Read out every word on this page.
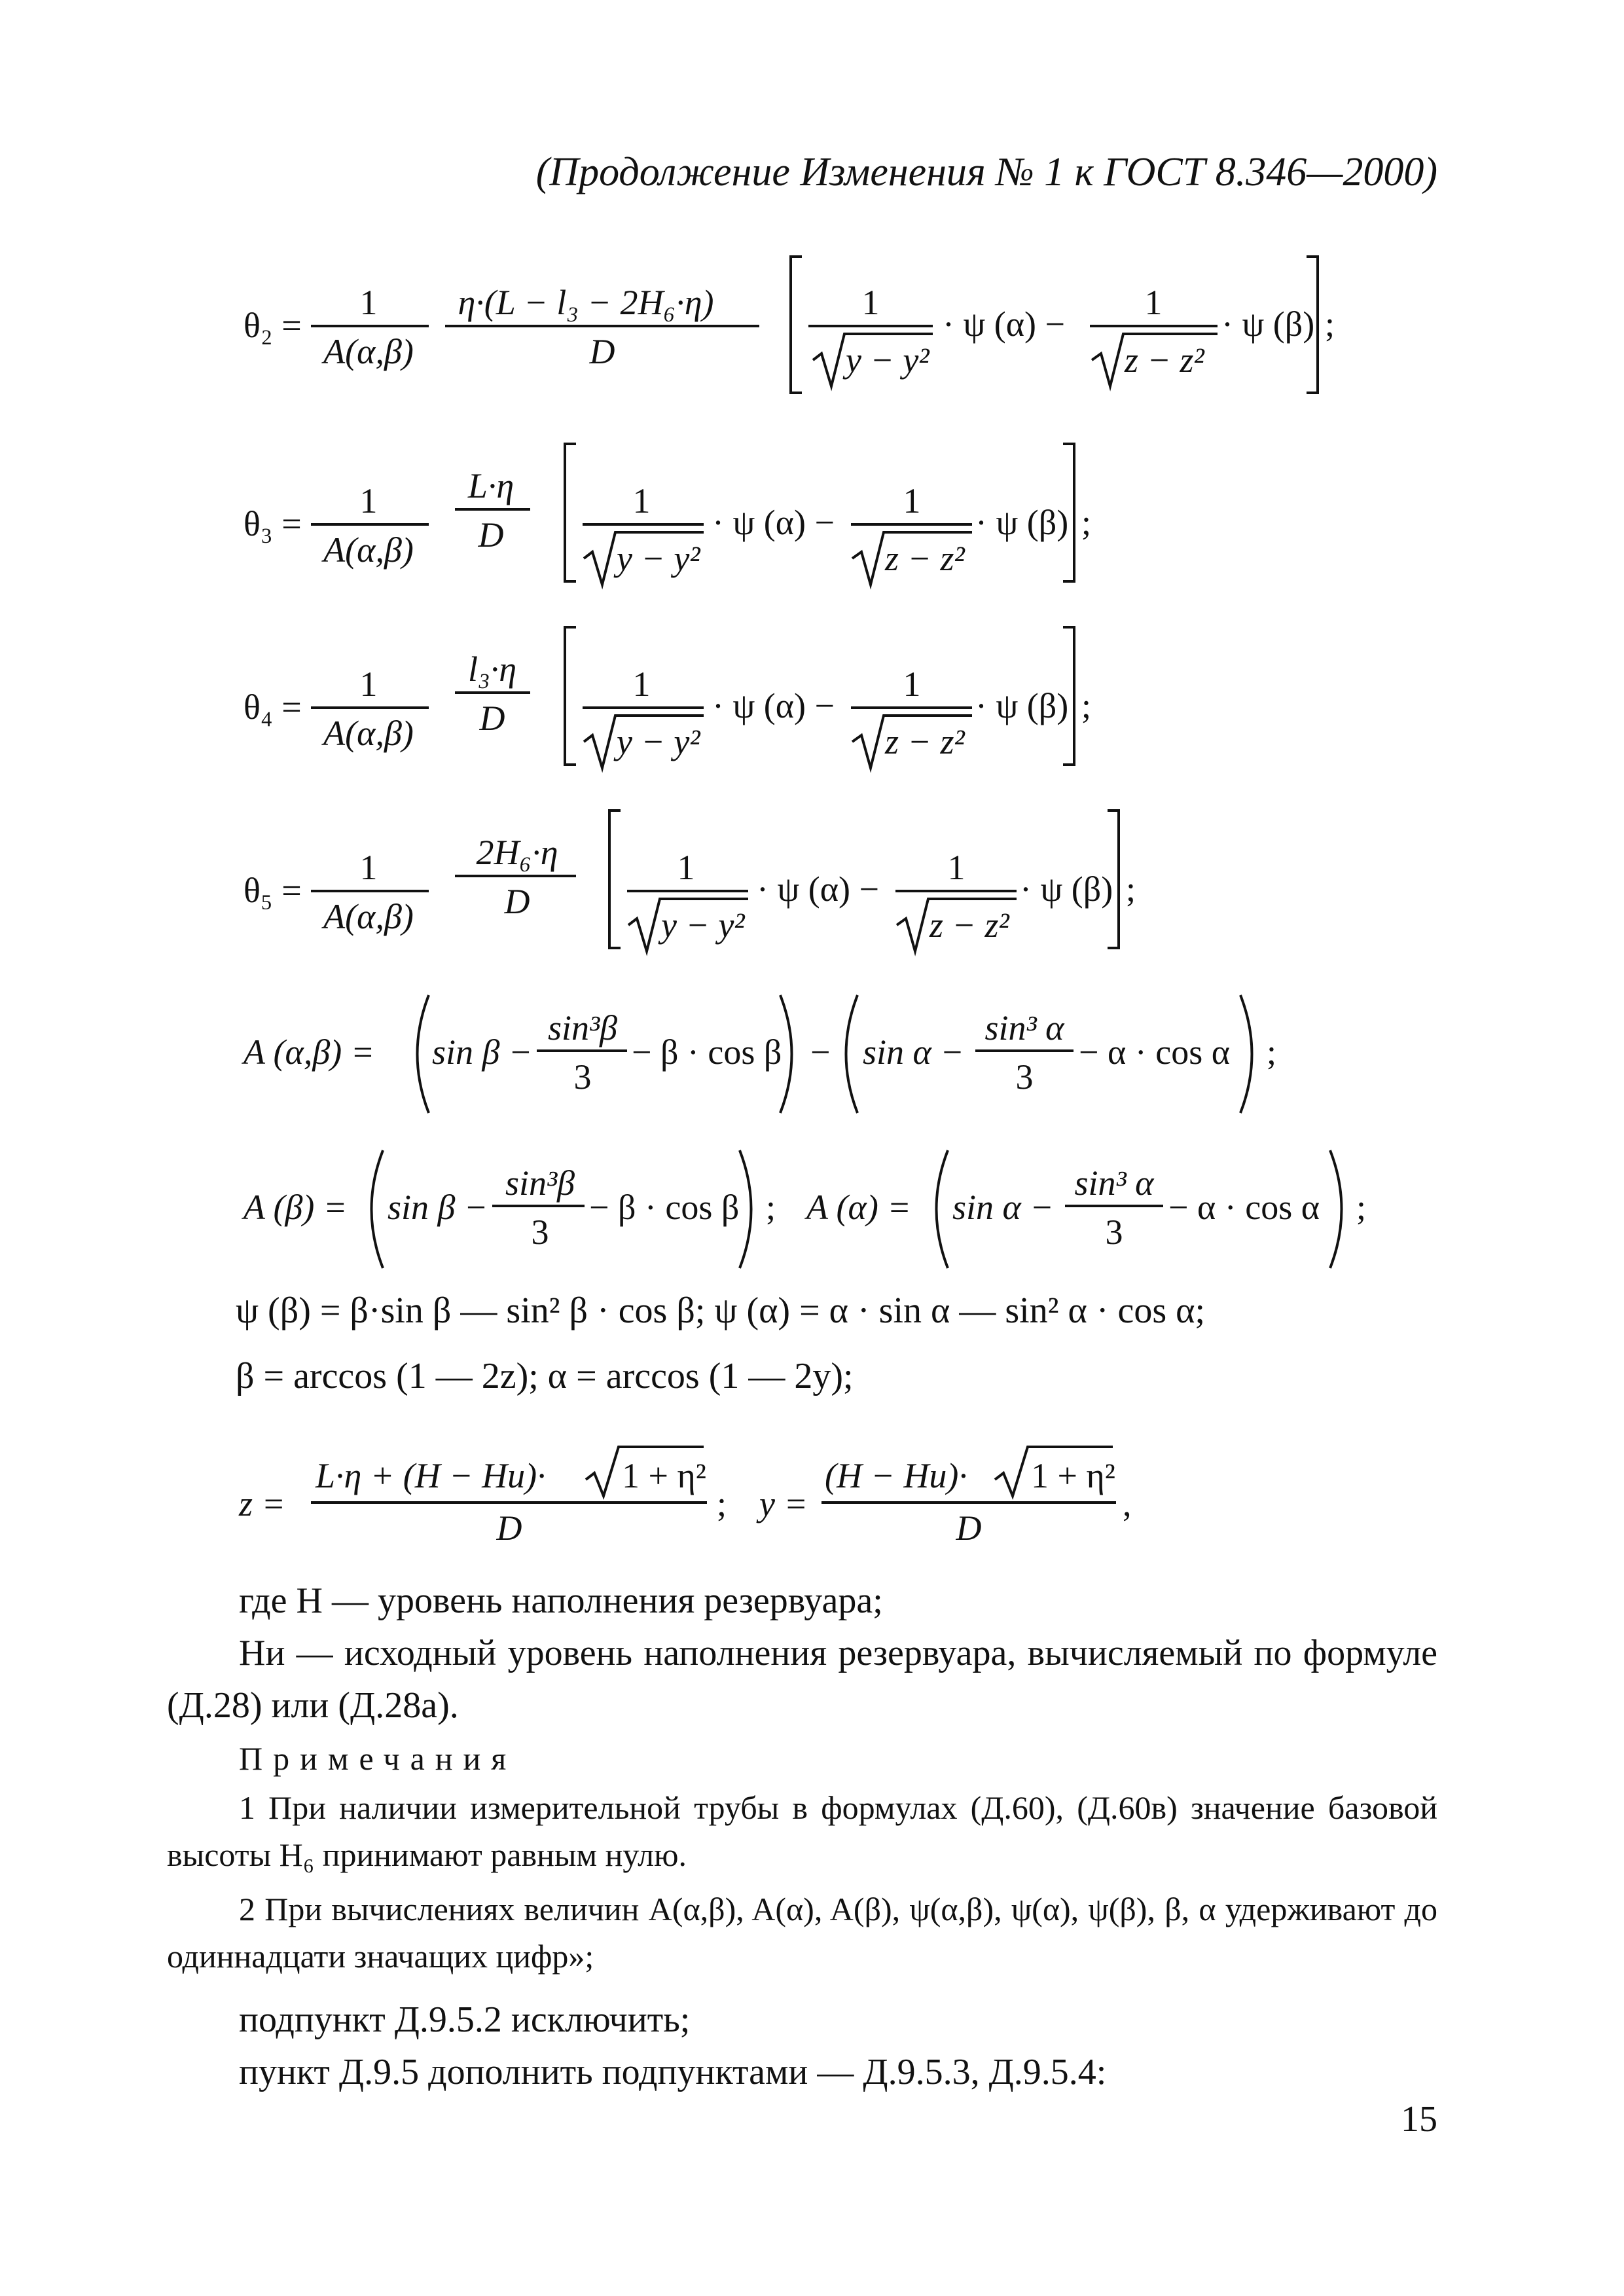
(Продолжение Изменения № 1 к ГОСТ 8.346—2000)
θ₂ =
1
A(α,β)
η·(L − l₃ − 2H₆·η)
D
1
y − y²
· ψ (α) −
1
z − z²
· ψ (β) ;
θ₃ =
1
A(α,β)
L·η
D
1
y − y²
· ψ (α) −
1
z − z²
· ψ (β) ;
θ₄ =
1
A(α,β)
l₃·η
D
1
y − y²
· ψ (α) −
1
z − z²
· ψ (β) ;
θ₅ =
1
A(α,β)
2H₆·η
D
1
y − y²
· ψ (α) −
1
z − z²
· ψ (β) ;
A (α,β) = sin β −
sin³β
3
− β · cos β − sin α −
sin³ α
3
− α · cos α ;
A (β) = sin β −
sin³β
3
− β · cos β ; A (α) = sin α −
sin³ α
3
− α · cos α ;
ψ (β) = β·sin β — sin² β · cos β; ψ (α) = α · sin α — sin² α · cos α;
β = arccos (1 — 2z); α = arccos (1 — 2y);
z =
L·η + (H − Hи)· 1 + η²
D
; y =
(H − Hи)· 1 + η²
D
,
где H — уровень наполнения резервуара;
Hи — исходный уровень наполнения резервуара, вычисляемый по формуле (Д.28) или (Д.28а).
Примечания
1 При наличии измерительной трубы в формулах (Д.60), (Д.60в) значение базовой высоты H₆ принимают равным нулю.
2 При вычислениях величин A(α,β), A(α), A(β), ψ(α,β), ψ(α), ψ(β), β, α удерживают до одиннадцати значащих цифр»;
подпункт Д.9.5.2 исключить;
пункт Д.9.5 дополнить подпунктами — Д.9.5.3, Д.9.5.4:
15
